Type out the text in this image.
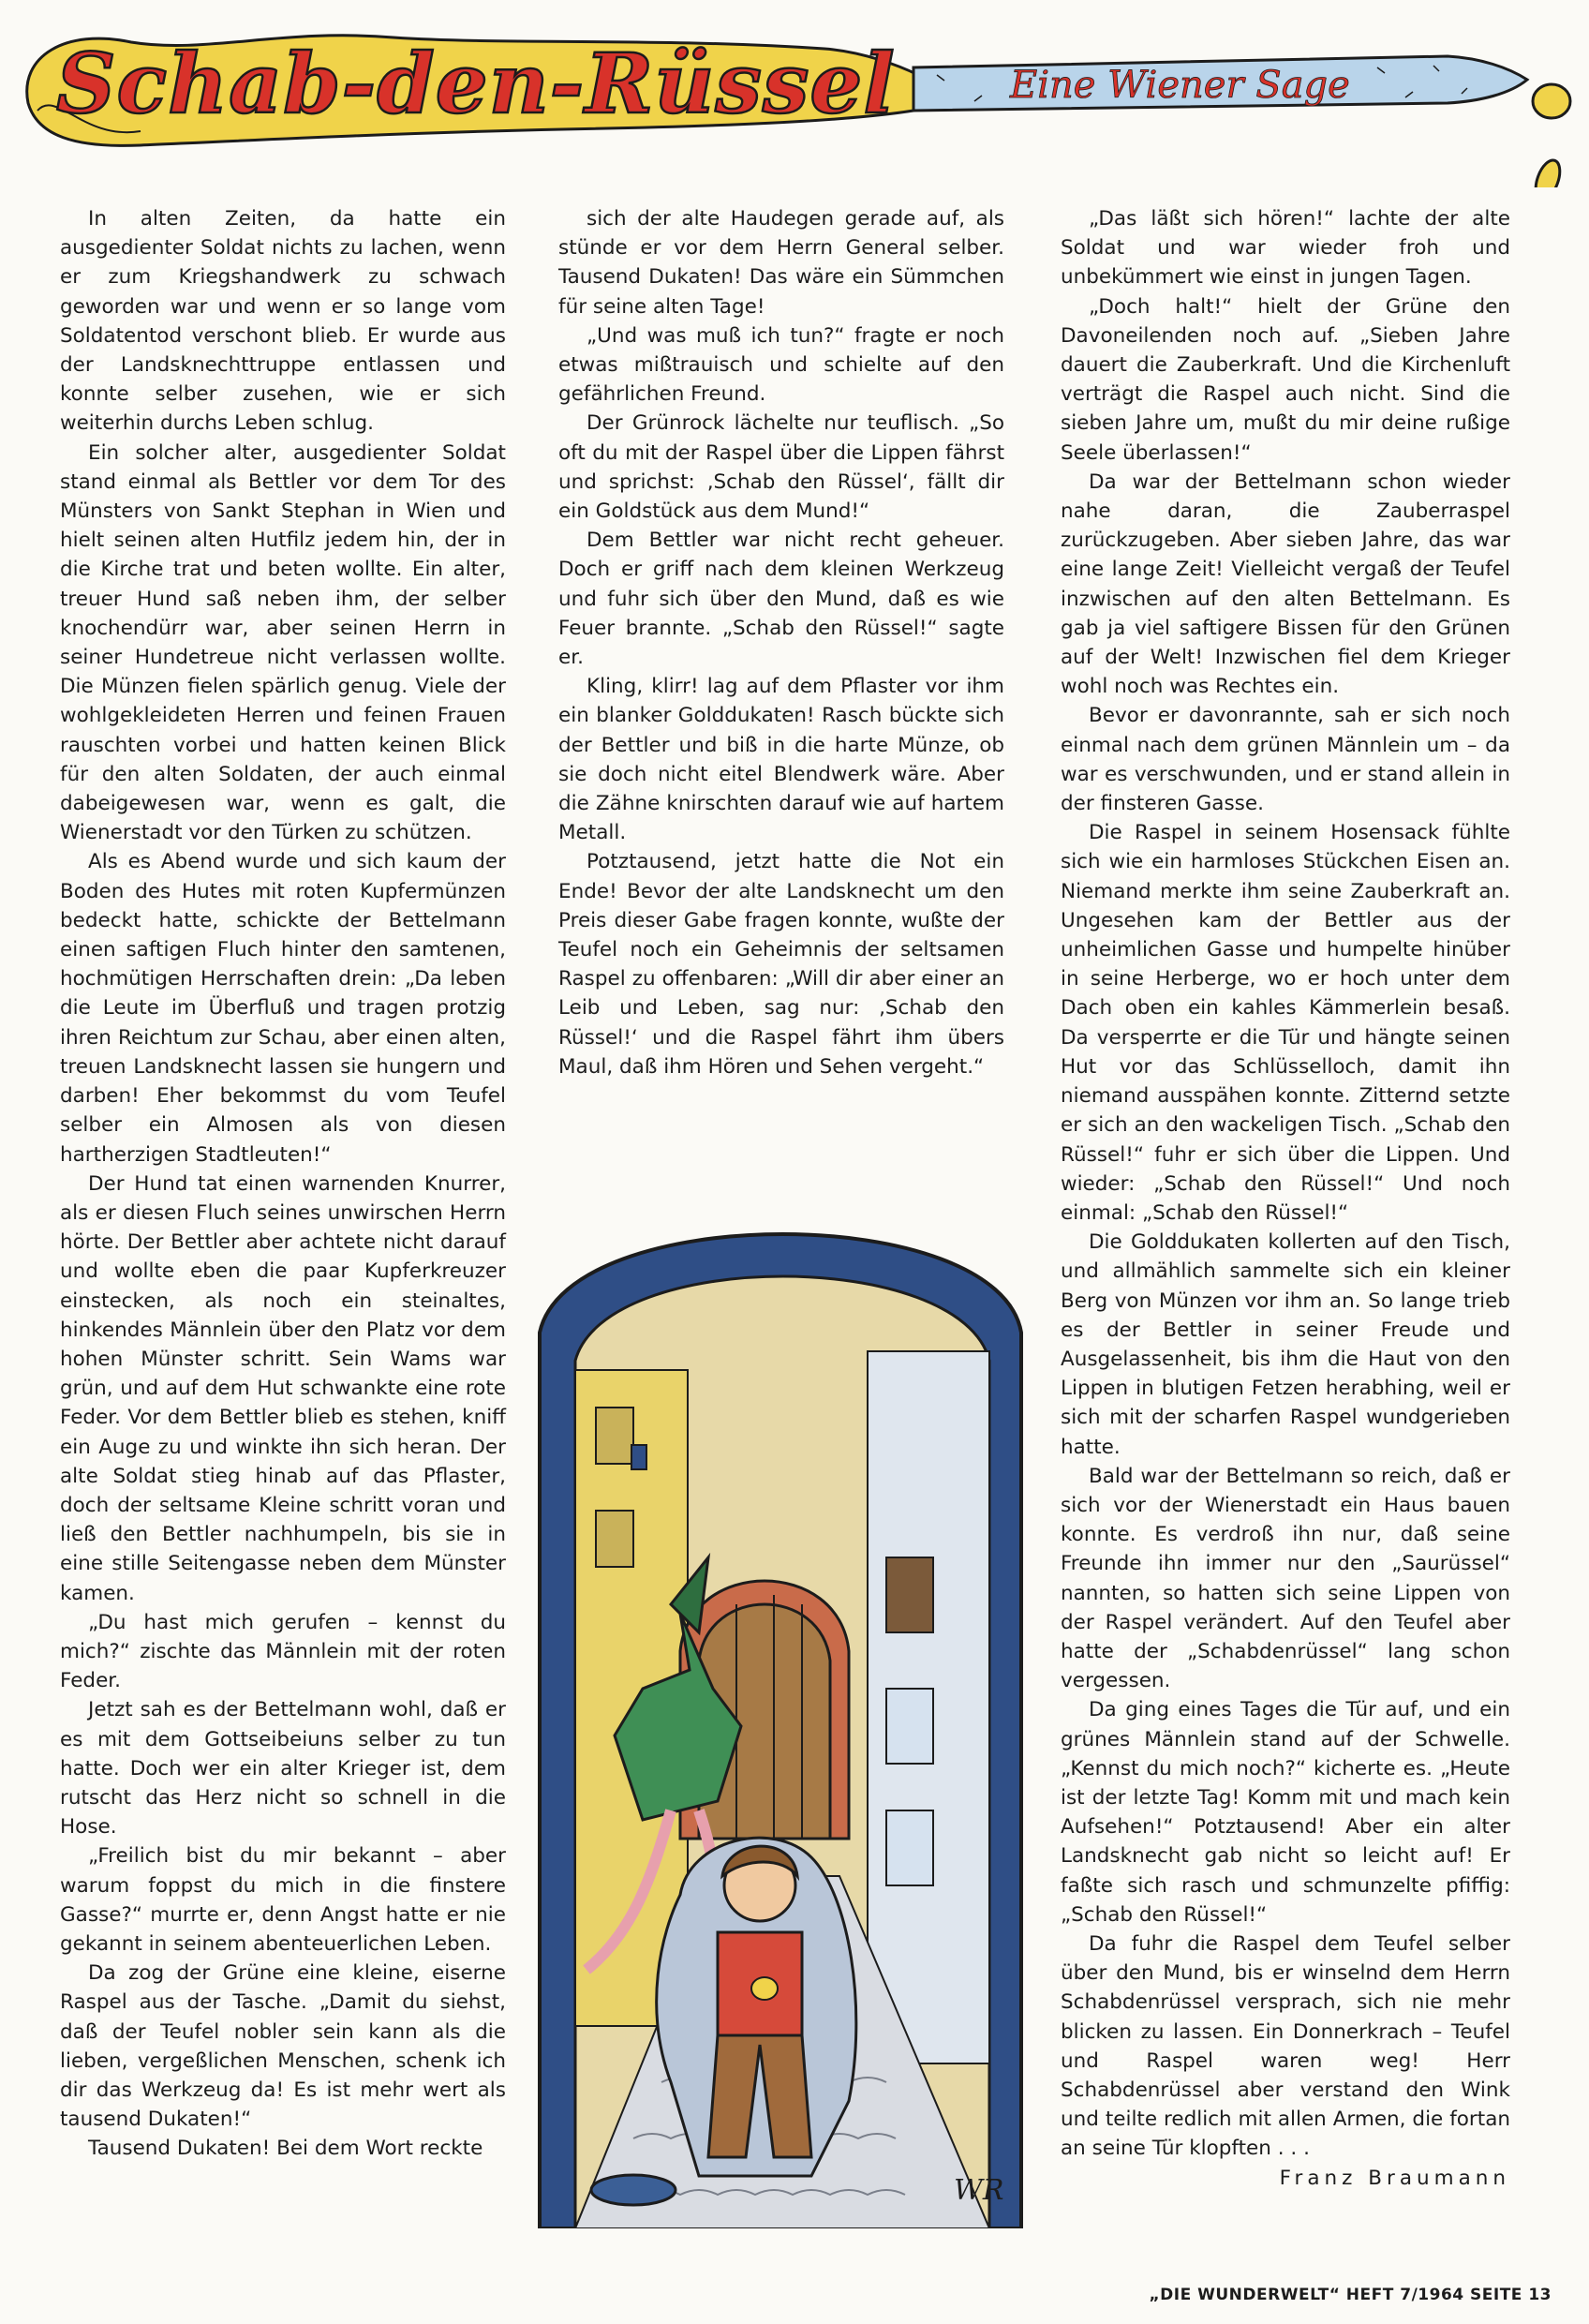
Schab-den-Rüssel	Eine Wiener Sage

In alten Zeiten, da hatte ein ausgedienter Soldat nichts zu lachen, wenn er zum Kriegshandwerk zu schwach geworden war und wenn er so lange vom Soldatentod verschont blieb. Er wurde aus der Landsknechttruppe entlassen und konnte selber zusehen, wie er sich weiterhin durchs Leben schlug.

Ein solcher alter, ausgedienter Soldat stand einmal als Bettler vor dem Tor des Münsters von Sankt Stephan in Wien und hielt seinen alten Hutfilz jedem hin, der in die Kirche trat und beten wollte. Ein alter, treuer Hund saß neben ihm, der selber knochendürr war, aber seinen Herrn in seiner Hundetreue nicht verlassen wollte. Die Münzen fielen spärlich genug. Viele der wohlgekleideten Herren und feinen Frauen rauschten vorbei und hatten keinen Blick für den alten Soldaten, der auch einmal dabeigewesen war, wenn es galt, die Wienerstadt vor den Türken zu schützen.

Als es Abend wurde und sich kaum der Boden des Hutes mit roten Kupfermünzen bedeckt hatte, schickte der Bettelmann einen saftigen Fluch hinter den samtenen, hochmütigen Herrschaften drein: „Da leben die Leute im Überfluß und tragen protzig ihren Reichtum zur Schau, aber einen alten, treuen Landsknecht lassen sie hungern und darben! Eher bekommst du vom Teufel selber ein Almosen als von diesen hartherzigen Stadtleuten!“

Der Hund tat einen warnenden Knurrer, als er diesen Fluch seines unwirschen Herrn hörte. Der Bettler aber achtete nicht darauf und wollte eben die paar Kupferkreuzer einstecken, als noch ein steinaltes, hinkendes Männlein über den Platz vor dem hohen Münster schritt. Sein Wams war grün, und auf dem Hut schwankte eine rote Feder. Vor dem Bettler blieb es stehen, kniff ein Auge zu und winkte ihn sich heran. Der alte Soldat stieg hinab auf das Pflaster, doch der seltsame Kleine schritt voran und ließ den Bettler nachhumpeln, bis sie in eine stille Seitengasse neben dem Münster kamen.

„Du hast mich gerufen – kennst du mich?“ zischte das Männlein mit der roten Feder.

Jetzt sah es der Bettelmann wohl, daß er es mit dem Gottseibeiuns selber zu tun hatte. Doch wer ein alter Krieger ist, dem rutscht das Herz nicht so schnell in die Hose.

„Freilich bist du mir bekannt – aber warum foppst du mich in die finstere Gasse?“ murrte er, denn Angst hatte er nie gekannt in seinem abenteuerlichen Leben.

Da zog der Grüne eine kleine, eiserne Raspel aus der Tasche. „Damit du siehst, daß der Teufel nobler sein kann als die lieben, vergeßlichen Menschen, schenk ich dir das Werkzeug da! Es ist mehr wert als tausend Dukaten!“

Tausend Dukaten! Bei dem Wort reckte

sich der alte Haudegen gerade auf, als stünde er vor dem Herrn General selber. Tausend Dukaten! Das wäre ein Sümmchen für seine alten Tage!

„Und was muß ich tun?“ fragte er noch etwas mißtrauisch und schielte auf den gefährlichen Freund.

Der Grünrock lächelte nur teuflisch. „So oft du mit der Raspel über die Lippen fährst und sprichst: ‚Schab den Rüssel‘, fällt dir ein Goldstück aus dem Mund!“

Dem Bettler war nicht recht geheuer. Doch er griff nach dem kleinen Werkzeug und fuhr sich über den Mund, daß es wie Feuer brannte. „Schab den Rüssel!“ sagte er.

Kling, klirr! lag auf dem Pflaster vor ihm ein blanker Golddukaten! Rasch bückte sich der Bettler und biß in die harte Münze, ob sie doch nicht eitel Blendwerk wäre. Aber die Zähne knirschten darauf wie auf hartem Metall.

Potztausend, jetzt hatte die Not ein Ende! Bevor der alte Landsknecht um den Preis dieser Gabe fragen konnte, wußte der Teufel noch ein Geheimnis der seltsamen Raspel zu offenbaren: „Will dir aber einer an Leib und Leben, sag nur: ‚Schab den Rüssel!‘ und die Raspel fährt ihm übers Maul, daß ihm Hören und Sehen vergeht.“

WR

„Das läßt sich hören!“ lachte der alte Soldat und war wieder froh und unbekümmert wie einst in jungen Tagen.

„Doch halt!“ hielt der Grüne den Davoneilenden noch auf. „Sieben Jahre dauert die Zauberkraft. Und die Kirchenluft verträgt die Raspel auch nicht. Sind die sieben Jahre um, mußt du mir deine rußige Seele überlassen!“

Da war der Bettelmann schon wieder nahe daran, die Zauberraspel zurückzugeben. Aber sieben Jahre, das war eine lange Zeit! Vielleicht vergaß der Teufel inzwischen auf den alten Bettelmann. Es gab ja viel saftigere Bissen für den Grünen auf der Welt! Inzwischen fiel dem Krieger wohl noch was Rechtes ein.

Bevor er davonrannte, sah er sich noch einmal nach dem grünen Männlein um – da war es verschwunden, und er stand allein in der finsteren Gasse.

Die Raspel in seinem Hosensack fühlte sich wie ein harmloses Stückchen Eisen an. Niemand merkte ihm seine Zauberkraft an. Ungesehen kam der Bettler aus der unheimlichen Gasse und humpelte hinüber in seine Herberge, wo er hoch unter dem Dach oben ein kahles Kämmerlein besaß. Da versperrte er die Tür und hängte seinen Hut vor das Schlüsselloch, damit ihn niemand ausspähen konnte. Zitternd setzte er sich an den wackeligen Tisch. „Schab den Rüssel!“ fuhr er sich über die Lippen. Und wieder: „Schab den Rüssel!“ Und noch einmal: „Schab den Rüssel!“

Die Golddukaten kollerten auf den Tisch, und allmählich sammelte sich ein kleiner Berg von Münzen vor ihm an. So lange trieb es der Bettler in seiner Freude und Ausgelassenheit, bis ihm die Haut von den Lippen in blutigen Fetzen herabhing, weil er sich mit der scharfen Raspel wundgerieben hatte.

Bald war der Bettelmann so reich, daß er sich vor der Wienerstadt ein Haus bauen konnte. Es verdroß ihn nur, daß seine Freunde ihn immer nur den „Saurüssel“ nannten, so hatten sich seine Lippen von der Raspel verändert. Auf den Teufel aber hatte der „Schabdenrüssel“ lang schon vergessen.

Da ging eines Tages die Tür auf, und ein grünes Männlein stand auf der Schwelle. „Kennst du mich noch?“ kicherte es. „Heute ist der letzte Tag! Komm mit und mach kein Aufsehen!“ Potztausend! Aber ein alter Landsknecht gab nicht so leicht auf! Er faßte sich rasch und schmunzelte pfiffig: „Schab den Rüssel!“

Da fuhr die Raspel dem Teufel selber über den Mund, bis er winselnd dem Herrn Schabdenrüssel versprach, sich nie mehr blicken zu lassen. Ein Donnerkrach – Teufel und Raspel waren weg! Herr Schabdenrüssel aber verstand den Wink und teilte redlich mit allen Armen, die fortan an seine Tür klopften . . .
Franz Braumann

„DIE WUNDERWELT“ HEFT 7/1964 SEITE 13
